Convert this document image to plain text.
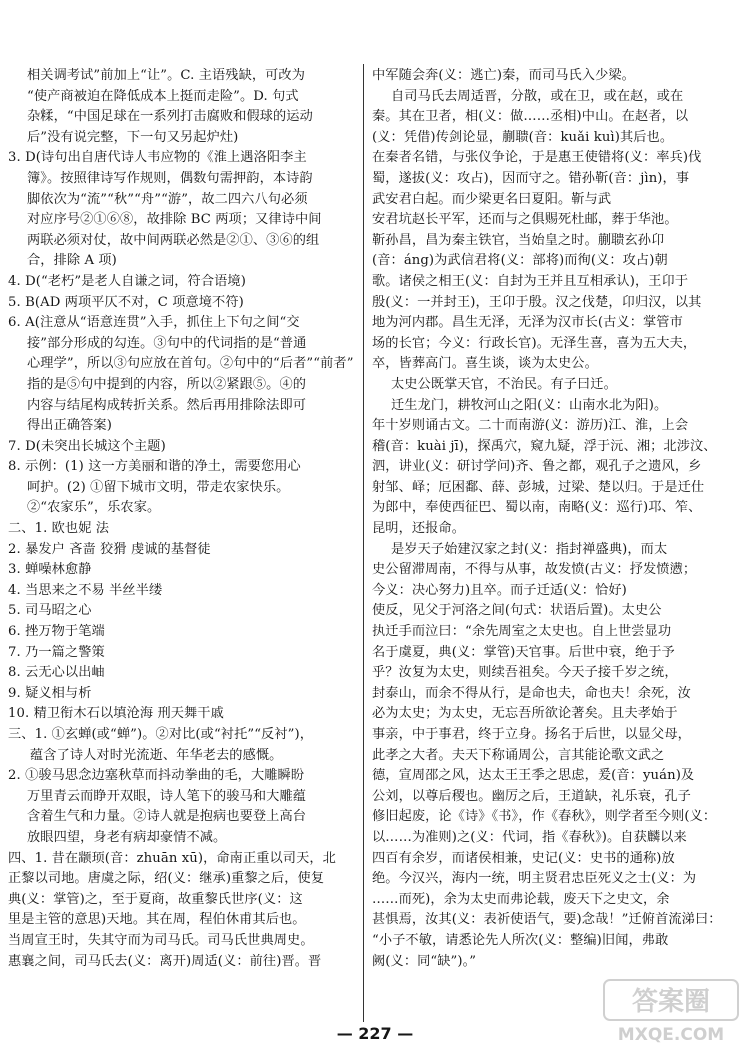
相关调考试”前加上“让”。C. 主语残缺，可改为
“使产商被迫在降低成本上挺而走险”。D. 句式
杂糅，“中国足球在一系列打击腐败和假球的运动
后”没有说完整，下一句又另起炉灶)
3. D(诗句出自唐代诗人韦应物的《淮上遇洛阳李主
簿》。按照律诗写作规则，偶数句需押韵，本诗韵
脚依次为“流”“秋”“舟”“游”，故二四六八句必须
对应序号②①⑥⑧，故排除 BC 两项；又律诗中间
两联必须对仗，故中间两联必然是②①、③⑥的组
合，排除 A 项)
4. D(“老朽”是老人自谦之词，符合语境)
5. B(AD 两项平仄不对，C 项意境不符)
6. A(注意从“语意连贯”入手，抓住上下句之间“交
接”部分形成的勾连。③句中的代词指的是“普通
心理学”，所以③句应放在首句。②句中的“后者”“前者”
指的是⑤句中提到的内容，所以②紧跟⑤。④的
内容与结尾构成转折关系。然后再用排除法即可
得出正确答案)
7. D(未突出长城这个主题)
8. 示例：(1) 这一方美丽和谐的净土，需要您用心
呵护。(2) ①留下城市文明，带走农家快乐。
②“农家乐”，乐农家。
二、1. 欧也妮 法
2. 暴发户 吝啬 狡猾 虔诚的基督徒
3. 蝉噪林愈静
4. 当思来之不易 半丝半缕
5. 司马昭之心
6. 挫万物于笔端
7. 乃一篇之警策
8. 云无心以出岫
9. 疑义相与析
10. 精卫衔木石以填沧海 刑天舞干戚
三、1. ①玄蝉(或“蝉”)。②对比(或“衬托”“反衬”)，
蕴含了诗人对时光流逝、年华老去的感慨。
2. ①骏马思念边塞秋草而抖动拳曲的毛，大雕瞬盼
万里青云而睁开双眼，诗人笔下的骏马和大雕蕴
含着生气和力量。②诗人就是抱病也要登上高台
放眼四望，身老有病却豪情不减。
四、1. 昔在颛顼(音：zhuān xū)，命南正重以司天，北
正黎以司地。唐虞之际，绍(义：继承)重黎之后，使复
典(义：掌管)之，至于夏商，故重黎氏世序(义：这
里是主管的意思)天地。其在周，程伯休甫其后也。
当周宣王时，失其守而为司马氏。司马氏世典周史。
惠襄之间，司马氏去(义：离开)周适(义：前往)晋。晋
中军随会奔(义：逃亡)秦，而司马氏入少梁。
自司马氏去周适晋，分散，或在卫，或在赵，或在
秦。其在卫者，相(义：做……丞相)中山。在赵者，以
(义：凭借)传剑论显，蒯聩(音：kuǎi kuì)其后也。
在秦者名错，与张仪争论，于是惠王使错将(义：率兵)伐
蜀，遂拔(义：攻占)，因而守之。错孙靳(音：jìn)，事
武安君白起。而少梁更名曰夏阳。靳与武
安君坑赵长平军，还而与之俱赐死杜邮，葬于华池。
靳孙昌，昌为秦主铁官，当始皇之时。蒯聩玄孙卬
(音：áng)为武信君将(义：部将)而徇(义：攻占)朝
歌。诸侯之相王(义：自封为王并且互相承认)，王卬于
殷(义：一并封王)，王卬于殷。汉之伐楚，卬归汉，以其
地为河内郡。昌生无泽，无泽为汉市长(古义：掌管市
场的长官；今义：行政长官)。无泽生喜，喜为五大夫，
卒，皆葬高门。喜生谈，谈为太史公。
太史公既掌天官，不治民。有子曰迁。
迁生龙门，耕牧河山之阳(义：山南水北为阳)。
年十岁则诵古文。二十而南游(义：游历)江、淮，上会
稽(音：kuài jī)，探禹穴，窥九疑，浮于沅、湘；北涉汶、
泗，讲业(义：研讨学问)齐、鲁之都，观孔子之遗风，乡
射邹、峄；厄困鄱、薛、彭城，过梁、楚以归。于是迁仕
为郎中，奉使西征巴、蜀以南，南略(义：巡行)邛、笮、
昆明，还报命。
是岁天子始建汉家之封(义：指封禅盛典)，而太
史公留滞周南，不得与从事，故发愤(古义：抒发愤懑；
今义：决心努力)且卒。而子迁适(义：恰好)
使反，见父于河洛之间(句式：状语后置)。太史公
执迁手而泣曰：“余先周室之太史也。自上世尝显功
名于虞夏，典(义：掌管)天官事。后世中衰，绝于予
乎？汝复为太史，则续吾祖矣。今天子接千岁之统，
封泰山，而余不得从行，是命也夫，命也夫！余死，汝
必为太史；为太史，无忘吾所欲论著矣。且夫孝始于
事亲，中于事君，终于立身。扬名于后世，以显父母，
此孝之大者。夫天下称诵周公，言其能论歌文武之
德，宣周邵之风，达太王王季之思虑，爰(音：yuán)及
公刘，以尊后稷也。幽厉之后，王道缺，礼乐衰，孔子
修旧起废，论《诗》《书》，作《春秋》，则学者至今则(义：
以……为准则)之(义：代词，指《春秋》)。自获麟以来
四百有余岁，而诸侯相兼，史记(义：史书的通称)放
绝。今汉兴，海内一统，明主贤君忠臣死义之士(义：为
……而死)，余为太史而弗论载，废天下之史文，余
甚惧焉，汝其(义：表祈使语气，要)念哉！”迁俯首流涕曰：
“小子不敏，请悉论先人所次(义：整编)旧闻，弗敢
阙(义：同“缺”)。”
— 227 —
答案圈
MXQE.COM
